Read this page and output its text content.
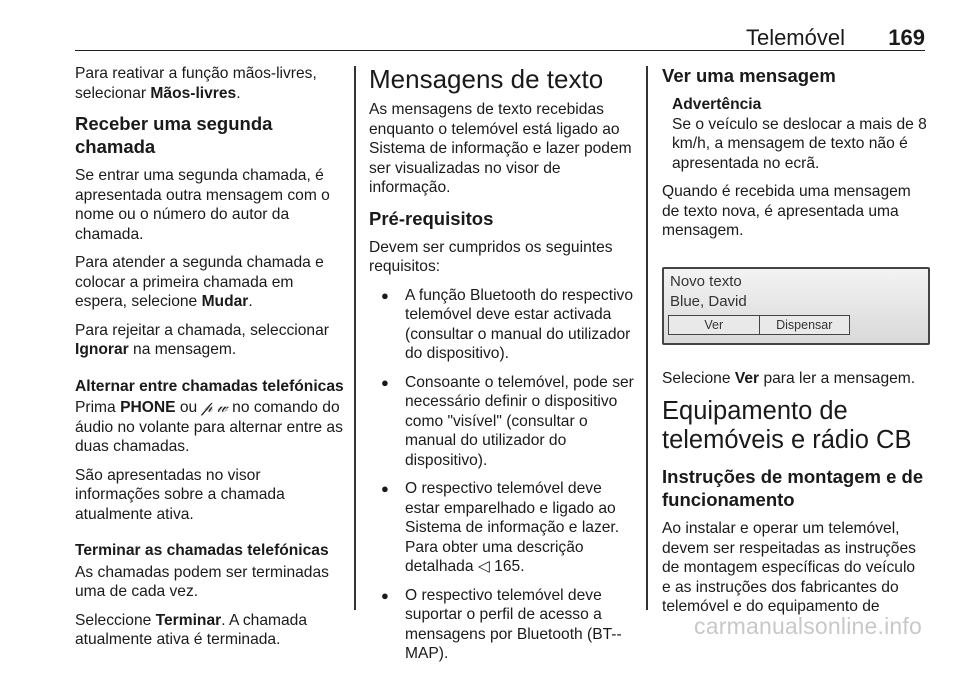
Telemóvel 169

Para reativar a função mãos-livres, selecionar Mãos-livres.

Receber uma segunda chamada

Se entrar uma segunda chamada, é apresentada outra mensagem com o nome ou o número do autor da chamada.

Para atender a segunda chamada e colocar a primeira chamada em espera, selecione Mudar.

Para rejeitar a chamada, seleccionar Ignorar na mensagem.

Alternar entre chamadas telefónicas

Prima PHONE ou 𝓅 𝓌 no comando do áudio no volante para alternar entre as duas chamadas.

São apresentadas no visor informações sobre a chamada atualmente ativa.

Terminar as chamadas telefónicas

As chamadas podem ser terminadas uma de cada vez.

Seleccione Terminar. A chamada atualmente ativa é terminada.

Mensagens de texto

As mensagens de texto recebidas enquanto o telemóvel está ligado ao Sistema de informação e lazer podem ser visualizadas no visor de informação.

Pré-requisitos

Devem ser cumpridos os seguintes requisitos:

● A função Bluetooth do respectivo telemóvel deve estar activada (consultar o manual do utilizador do dispositivo).
● Consoante o telemóvel, pode ser necessário definir o dispositivo como "visível" (consultar o manual do utilizador do dispositivo).
● O respectivo telemóvel deve estar emparelhado e ligado ao Sistema de informação e lazer. Para obter uma descrição detalhada ◁ 165.
● O respectivo telemóvel deve suportar o perfil de acesso a mensagens por Bluetooth (BT--MAP).
Ver uma mensagem
Advertência
Se o veículo se deslocar a mais de 8 km/h, a mensagem de texto não é apresentada no ecrã.

Quando é recebida uma mensagem de texto nova, é apresentada uma mensagem.

Novo texto
Blue, David
Ver	Dispensar

Selecione Ver para ler a mensagem.

Equipamento de telemóveis e rádio CB
Instruções de montagem e de funcionamento

Ao instalar e operar um telemóvel, devem ser respeitadas as instruções de montagem específicas do veículo e as instruções dos fabricantes do telemóvel e do equipamento de

carmanualsonline.info
